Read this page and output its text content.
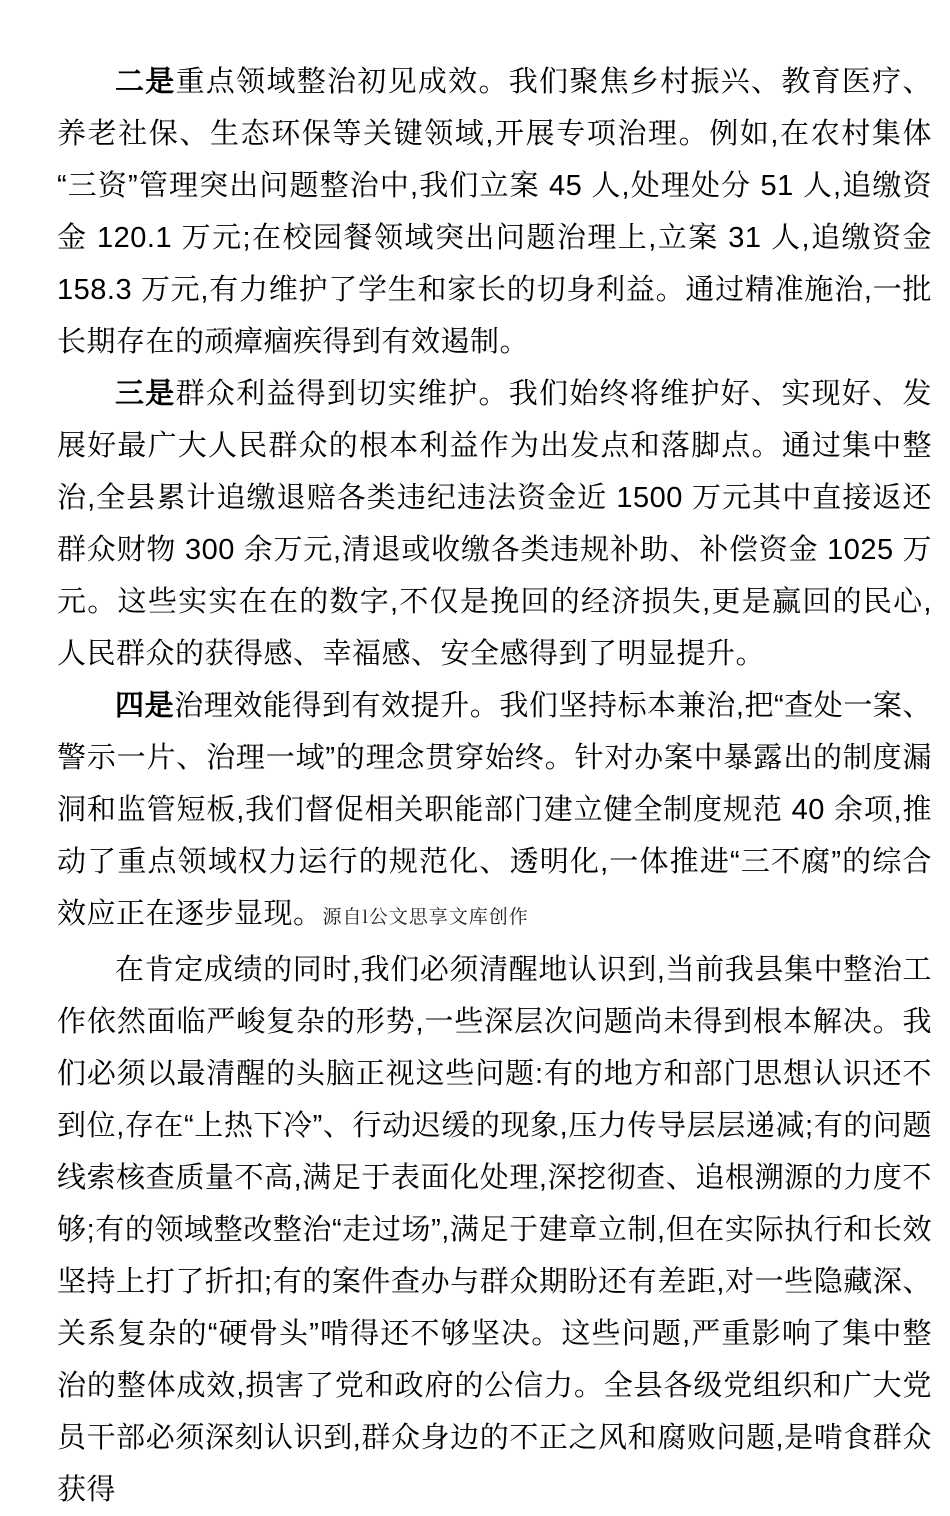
二是重点领域整治初见成效。我们聚焦乡村振兴、教育医疗、养老社保、生态环保等关键领域,开展专项治理。例如,在农村集体“三资”管理突出问题整治中,我们立案 45 人,处理处分 51 人,追缴资金 120.1 万元;在校园餐领域突出问题治理上,立案 31 人,追缴资金 158.3 万元,有力维护了学生和家长的切身利益。通过精准施治,一批长期存在的顽瘴痼疾得到有效遏制。

三是群众利益得到切实维护。我们始终将维护好、实现好、发展好最广大人民群众的根本利益作为出发点和落脚点。通过集中整治,全县累计追缴退赔各类违纪违法资金近 1500 万元其中直接返还群众财物 300 余万元,清退或收缴各类违规补助、补偿资金 1025 万元。这些实实在在的数字,不仅是挽回的经济损失,更是赢回的民心,人民群众的获得感、幸福感、安全感得到了明显提升。

四是治理效能得到有效提升。我们坚持标本兼治,把“查处一案、警示一片、治理一域”的理念贯穿始终。针对办案中暴露出的制度漏洞和监管短板,我们督促相关职能部门建立健全制度规范 40 余项,推动了重点领域权力运行的规范化、透明化,一体推进“三不腐”的综合效应正在逐步显现。源自l公文思享文库创作

在肯定成绩的同时,我们必须清醒地认识到,当前我县集中整治工作依然面临严峻复杂的形势,一些深层次问题尚未得到根本解决。我们必须以最清醒的头脑正视这些问题:有的地方和部门思想认识还不到位,存在“上热下冷”、行动迟缓的现象,压力传导层层递减;有的问题线索核查质量不高,满足于表面化处理,深挖彻查、追根溯源的力度不够;有的领域整改整治“走过场”,满足于建章立制,但在实际执行和长效坚持上打了折扣;有的案件查办与群众期盼还有差距,对一些隐藏深、关系复杂的“硬骨头”啃得还不够坚决。这些问题,严重影响了集中整治的整体成效,损害了党和政府的公信力。全县各级党组织和广大党员干部必须深刻认识到,群众身边的不正之风和腐败问题,是啃食群众获得
